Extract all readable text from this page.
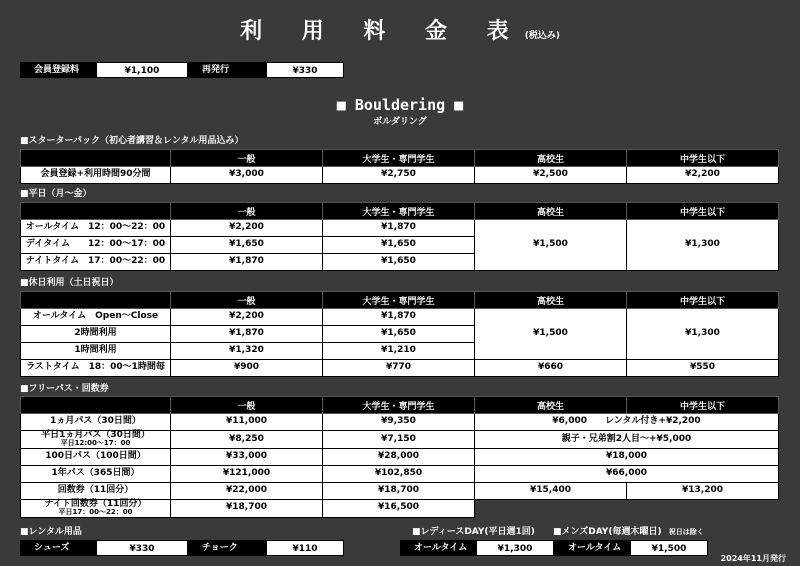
利 用 料 金 表(税込み)
会員登録料	¥1,100	再発行	¥330
■ Bouldering ■
ボルダリング
■スターターパック（初心者講習＆レンタル用品込み）
	一般	大学生・専門学生	高校生	中学生以下
会員登録+利用時間90分間	¥3,000	¥2,750	¥2,500	¥2,200
■平日（月～金）
	一般	大学生・専門学生	高校生	中学生以下
オールタイム　12：00～22：00	¥2,200	¥1,870	¥1,500	¥1,300
デイタイム　　12：00～17：00	¥1,650	¥1,650		
ナイトタイム　17：00～22：00	¥1,870	¥1,650		
■休日利用（土日祝日）
	一般	大学生・専門学生	高校生	中学生以下
オールタイム　Open～Close	¥2,200	¥1,870	¥1,500	¥1,300
2時間利用	¥1,870	¥1,650		
1時間利用	¥1,320	¥1,210		
ラストタイム　18：00～1時間毎	¥900	¥770	¥660	¥550
■フリーパス・回数券
	一般	大学生・専門学生	高校生	中学生以下
1ヵ月パス（30日間）	¥11,000	¥9,350	¥6,000　　レンタル付き+¥2,200	

平日1ヵ月パス（30日間）
平日12:00～17：00	¥8,250	¥7,150	親子・兄弟割2人目～+¥5,000	
100日パス（100日間）	¥33,000	¥28,000	¥18,000	
1年パス（365日間）	¥121,000	¥102,850	¥66,000	
回数券（11回分）	¥22,000	¥18,700	¥15,400	¥13,200

ナイト回数券（11回分）
平日17：00～22：00	¥18,700	¥16,500		
■レンタル用品
シューズ	¥330	チョーク	¥110
■レディースDAY(平日週1回) ■メンズDAY(毎週木曜日) 祝日は除く
オールタイム	¥1,300	オールタイム	¥1,500
2024年11月発行
